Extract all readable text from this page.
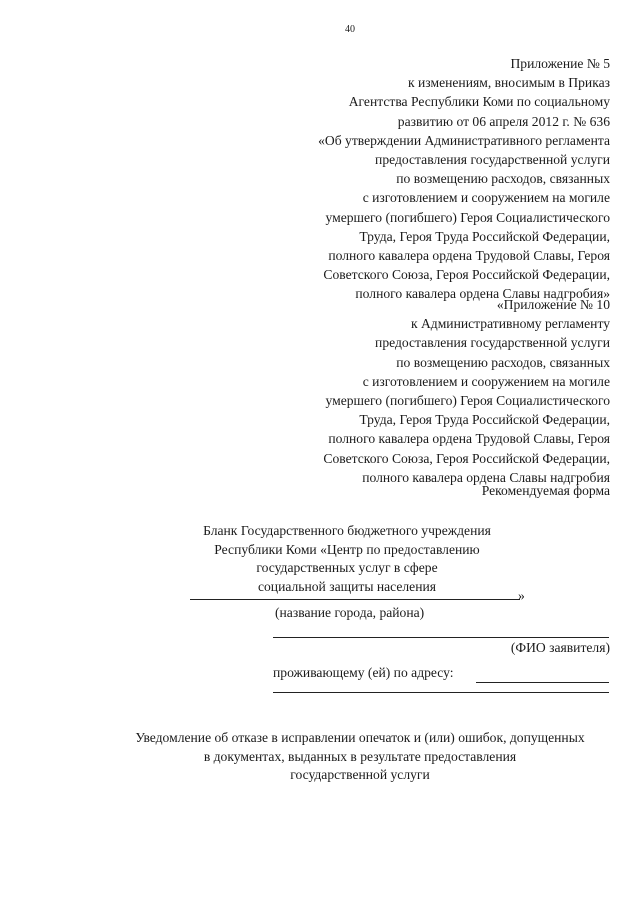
40
Приложение № 5
к изменениям, вносимым в Приказ
Агентства Республики Коми по социальному
развитию от 06 апреля 2012 г. № 636
«Об утверждении Административного регламента
предоставления государственной услуги
по возмещению расходов, связанных
с изготовлением и сооружением на могиле
умершего (погибшего) Героя Социалистического
Труда, Героя Труда Российской Федерации,
полного кавалера ордена Трудовой Славы, Героя
Советского Союза, Героя Российской Федерации,
полного кавалера ордена Славы надгробия»
«Приложение № 10
к Административному регламенту
предоставления государственной услуги
по возмещению расходов, связанных
с изготовлением и сооружением на могиле
умершего (погибшего) Героя Социалистического
Труда, Героя Труда Российской Федерации,
полного кавалера ордена Трудовой Славы, Героя
Советского Союза, Героя Российской Федерации,
полного кавалера ордена Славы надгробия
Рекомендуемая форма
Бланк Государственного бюджетного учреждения
Республики Коми «Центр по предоставлению
государственных услуг в сфере
социальной защиты населения
»
(название города, района)
(ФИО заявителя)
проживающему (ей) по адресу:
Уведомление об отказе в исправлении опечаток и (или) ошибок, допущенных
в документах, выданных в результате предоставления
государственной услуги
